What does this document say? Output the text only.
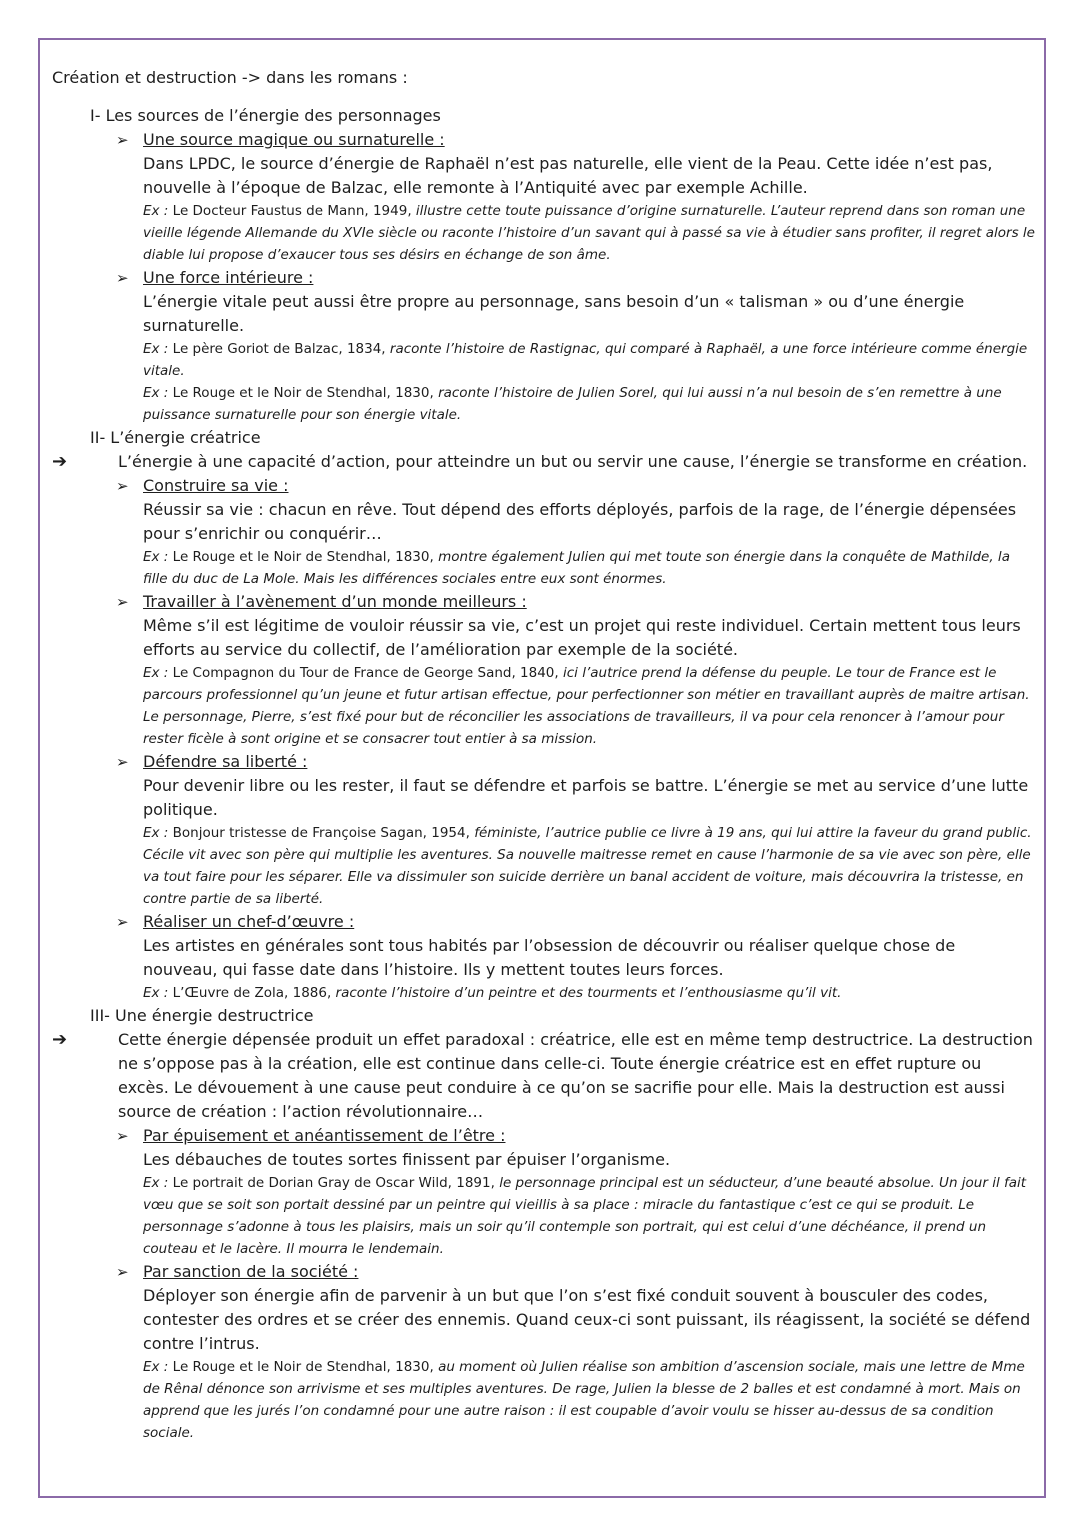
Création et destruction -> dans les romans :

I- Les sources de l’énergie des personnages

➢ Une source magique ou surnaturelle :

Dans LPDC, le source d’énergie de Raphaël n’est pas naturelle, elle vient de la Peau. Cette idée n’est pas, nouvelle à l’époque de Balzac, elle remonte à l’Antiquité avec par exemple Achille.

Ex : Le Docteur Faustus de Mann, 1949, illustre cette toute puissance d’origine surnaturelle. L’auteur reprend dans son roman une vieille légende Allemande du XVIe siècle ou raconte l’histoire d’un savant qui à passé sa vie à étudier sans profiter, il regret alors le diable lui propose d’exaucer tous ses désirs en échange de son âme.

➢ Une force intérieure :

L’énergie vitale peut aussi être propre au personnage, sans besoin d’un « talisman » ou d’une énergie surnaturelle.

Ex : Le père Goriot de Balzac, 1834, raconte l’histoire de Rastignac, qui comparé à Raphaël, a une force intérieure comme énergie vitale.

Ex : Le Rouge et le Noir de Stendhal, 1830, raconte l’histoire de Julien Sorel, qui lui aussi n’a nul besoin de s’en remettre à une puissance surnaturelle pour son énergie vitale.

II- L’énergie créatrice

➔	L’énergie à une capacité d’action, pour atteindre un but ou servir une cause, l’énergie se transforme en création.
➢ Construire sa vie :

Réussir sa vie : chacun en rêve. Tout dépend des efforts déployés, parfois de la rage, de l’énergie dépensées pour s’enrichir ou conquérir…

Ex : Le Rouge et le Noir de Stendhal, 1830, montre également Julien qui met toute son énergie dans la conquête de Mathilde, la fille du duc de La Mole. Mais les différences sociales entre eux sont énormes.

➢ Travailler à l’avènement d’un monde meilleurs :

Même s’il est légitime de vouloir réussir sa vie, c’est un projet qui reste individuel. Certain mettent tous leurs efforts au service du collectif, de l’amélioration par exemple de la société.

Ex : Le Compagnon du Tour de France de George Sand, 1840, ici l’autrice prend la défense du peuple. Le tour de France est le parcours professionnel qu’un jeune et futur artisan effectue, pour perfectionner son métier en travaillant auprès de maitre artisan. Le personnage, Pierre, s’est fixé pour but de réconcilier les associations de travailleurs, il va pour cela renoncer à l’amour pour rester ficèle à sont origine et se consacrer tout entier à sa mission.

➢ Défendre sa liberté :

Pour devenir libre ou les rester, il faut se défendre et parfois se battre. L’énergie se met au service d’une lutte politique.

Ex : Bonjour tristesse de Françoise Sagan, 1954, féministe, l’autrice publie ce livre à 19 ans, qui lui attire la faveur du grand public. Cécile vit avec son père qui multiplie les aventures. Sa nouvelle maitresse remet en cause l’harmonie de sa vie avec son père, elle va tout faire pour les séparer. Elle va dissimuler son suicide derrière un banal accident de voiture, mais découvrira la tristesse, en contre partie de sa liberté.

➢ Réaliser un chef-d’œuvre :

Les artistes en générales sont tous habités par l’obsession de découvrir ou réaliser quelque chose de nouveau, qui fasse date dans l’histoire. Ils y mettent toutes leurs forces.

Ex : L’Œuvre de Zola, 1886, raconte l’histoire d’un peintre et des tourments et l’enthousiasme qu’il vit.

III- Une énergie destructrice

➔	Cette énergie dépensée produit un effet paradoxal : créatrice, elle est en même temp destructrice. La destruction ne s’oppose pas à la création, elle est continue dans celle-ci. Toute énergie créatrice est en effet rupture ou excès. Le dévouement à une cause peut conduire à ce qu’on se sacrifie pour elle. Mais la destruction est aussi source de création : l’action révolutionnaire…
➢ Par épuisement et anéantissement de l’être :

Les débauches de toutes sortes finissent par épuiser l’organisme.

Ex : Le portrait de Dorian Gray de Oscar Wild, 1891, le personnage principal est un séducteur, d’une beauté absolue. Un jour il fait vœu que se soit son portait dessiné par un peintre qui vieillis à sa place : miracle du fantastique c’est ce qui se produit. Le personnage s’adonne à tous les plaisirs, mais un soir qu’il contemple son portrait, qui est celui d’une déchéance, il prend un couteau et le lacère. Il mourra le lendemain.

➢ Par sanction de la société :

Déployer son énergie afin de parvenir à un but que l’on s’est fixé conduit souvent à bousculer des codes, contester des ordres et se créer des ennemis. Quand ceux-ci sont puissant, ils réagissent, la société se défend contre l’intrus.

Ex : Le Rouge et le Noir de Stendhal, 1830, au moment où Julien réalise son ambition d’ascension sociale, mais une lettre de Mme de Rênal dénonce son arrivisme et ses multiples aventures. De rage, Julien la blesse de 2 balles et est condamné à mort. Mais on apprend que les jurés l’on condamné pour une autre raison : il est coupable d’avoir voulu se hisser au-dessus de sa condition sociale.
